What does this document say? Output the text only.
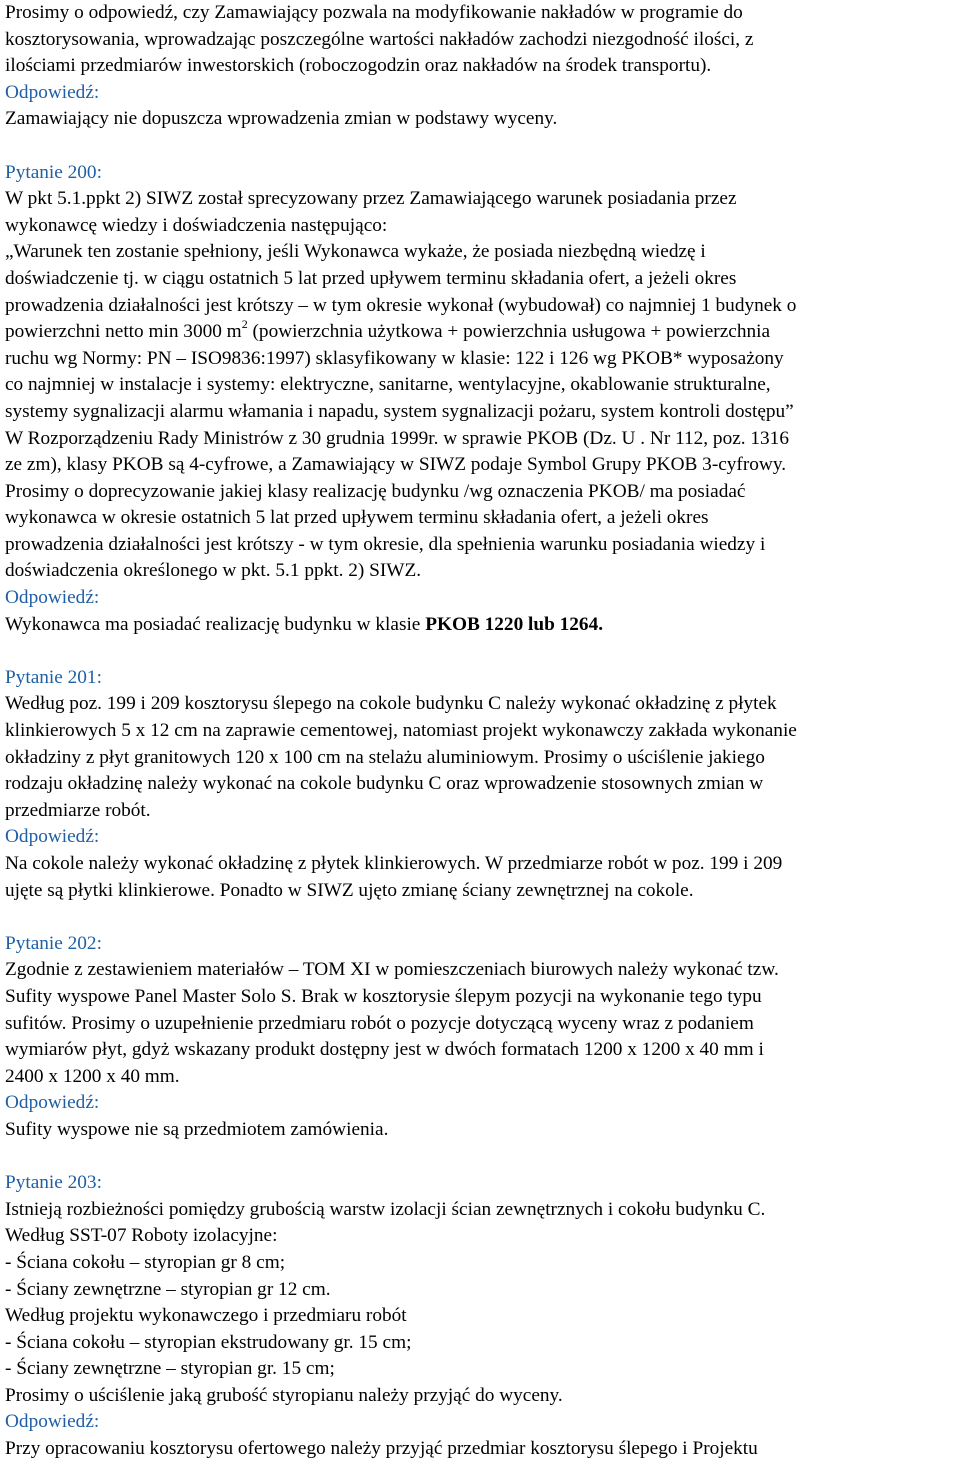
Prosimy o odpowiedź, czy Zamawiający pozwala na modyfikowanie nakładów w programie do
kosztorysowania, wprowadzając poszczególne wartości nakładów zachodzi niezgodność ilości, z
ilościami przedmiarów inwestorskich (roboczogodzin oraz nakładów na środek transportu).
Odpowiedź:
Zamawiający nie dopuszcza wprowadzenia zmian w podstawy wyceny.
Pytanie 200:
W pkt 5.1.ppkt 2) SIWZ został sprecyzowany przez Zamawiającego warunek posiadania przez
wykonawcę wiedzy i doświadczenia następująco:
„Warunek ten zostanie spełniony, jeśli Wykonawca wykaże, że posiada niezbędną wiedzę i
doświadczenie tj. w ciągu ostatnich 5 lat przed upływem terminu składania ofert, a jeżeli okres
prowadzenia działalności jest krótszy – w tym okresie wykonał (wybudował) co najmniej 1 budynek o
powierzchni netto min 3000 $m^2$ (powierzchnia użytkowa + powierzchnia usługowa + powierzchnia
ruchu wg Normy: PN – ISO9836:1997) sklasyfikowany w klasie: 122 i 126 wg PKOB* wyposażony
co najmniej w instalacje i systemy: elektryczne, sanitarne, wentylacyjne, okablowanie strukturalne,
systemy sygnalizacji alarmu włamania i napadu, system sygnalizacji pożaru, system kontroli dostępu”
W Rozporządzeniu Rady Ministrów z 30 grudnia 1999r. w sprawie PKOB (Dz. U . Nr 112, poz. 1316
ze zm), klasy PKOB są 4-cyfrowe, a Zamawiający w SIWZ podaje Symbol Grupy PKOB 3-cyfrowy.
Prosimy o doprecyzowanie jakiej klasy realizację budynku /wg oznaczenia PKOB/ ma posiadać
wykonawca w okresie ostatnich 5 lat przed upływem terminu składania ofert, a jeżeli okres
prowadzenia działalności jest krótszy - w tym okresie, dla spełnienia warunku posiadania wiedzy i
doświadczenia określonego w pkt. 5.1 ppkt. 2) SIWZ.
Odpowiedź:
Wykonawca ma posiadać realizację budynku w klasie PKOB 1220 lub 1264.
Pytanie 201:
Według poz. 199 i 209 kosztorysu ślepego na cokole budynku C należy wykonać okładzinę z płytek
klinkierowych 5 x 12 cm na zaprawie cementowej, natomiast projekt wykonawczy zakłada wykonanie
okładziny z płyt granitowych 120 x 100 cm na stelażu aluminiowym. Prosimy o uściślenie jakiego
rodzaju okładzinę należy wykonać na cokole budynku C oraz wprowadzenie stosownych zmian w
przedmiarze robót.
Odpowiedź:
Na cokole należy wykonać okładzinę z płytek klinkierowych. W przedmiarze robót w poz. 199 i 209
ujęte są płytki klinkierowe. Ponadto w SIWZ ujęto zmianę ściany zewnętrznej na cokole.
Pytanie 202:
Zgodnie z zestawieniem materiałów – TOM XI w pomieszczeniach biurowych należy wykonać tzw.
Sufity wyspowe Panel Master Solo S. Brak w kosztorysie ślepym pozycji na wykonanie tego typu
sufitów. Prosimy o uzupełnienie przedmiaru robót o pozycje dotyczącą wyceny wraz z podaniem
wymiarów płyt, gdyż wskazany produkt dostępny jest w dwóch formatach 1200 x 1200 x 40 mm i
2400 x 1200 x 40 mm.
Odpowiedź:
Sufity wyspowe nie są przedmiotem zamówienia.
Pytanie 203:
Istnieją rozbieżności pomiędzy grubością warstw izolacji ścian zewnętrznych i cokołu budynku C.
Według SST-07 Roboty izolacyjne:
- Ściana cokołu – styropian gr 8 cm;
- Ściany zewnętrzne – styropian gr 12 cm.
Według projektu wykonawczego i przedmiaru robót
- Ściana cokołu – styropian ekstrudowany gr. 15 cm;
- Ściany zewnętrzne – styropian gr. 15 cm;
Prosimy o uściślenie jaką grubość styropianu należy przyjąć do wyceny.
Odpowiedź:
Przy opracowaniu kosztorysu ofertowego należy przyjąć przedmiar kosztorysu ślepego i Projektu
